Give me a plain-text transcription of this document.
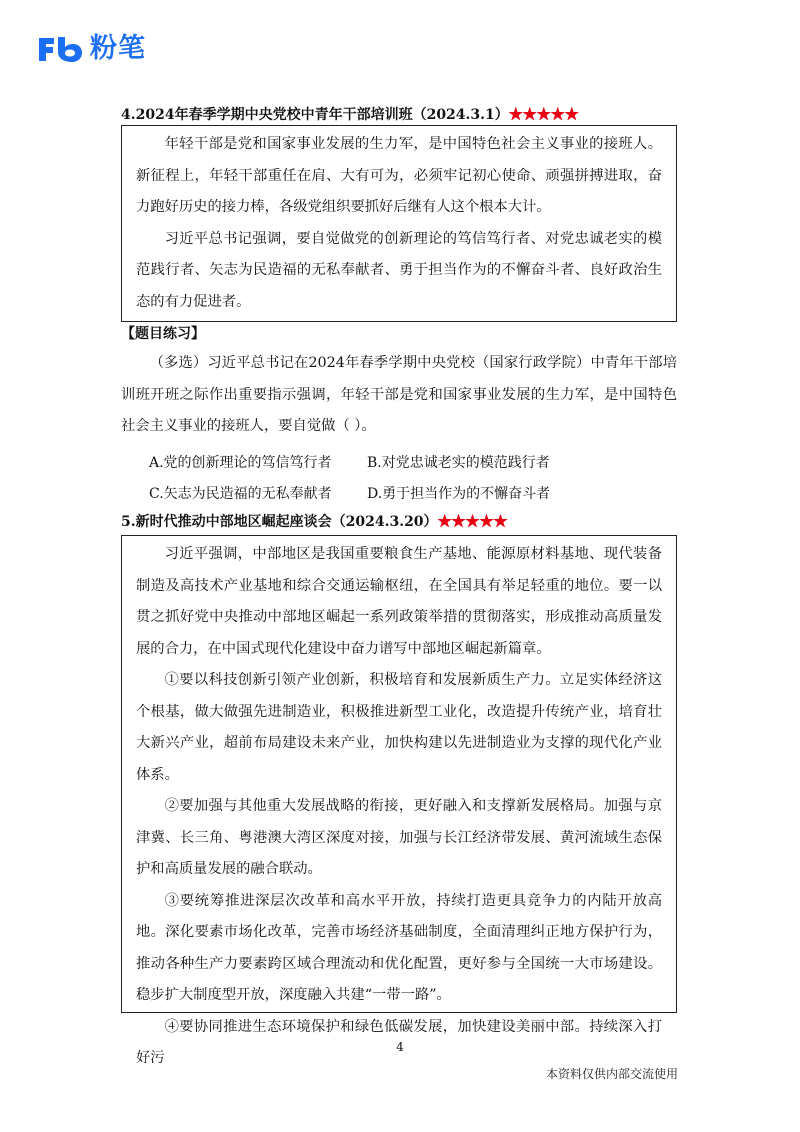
粉笔
4.2024年春季学期中央党校中青年干部培训班（2024.3.1）★★★★★

年轻干部是党和国家事业发展的生力军，是中国特色社会主义事业的接班人。新征程上，年轻干部重任在肩、大有可为，必须牢记初心使命、顽强拼搏进取，奋力跑好历史的接力棒，各级党组织要抓好后继有人这个根本大计。

习近平总书记强调，要自觉做党的创新理论的笃信笃行者、对党忠诚老实的模范践行者、矢志为民造福的无私奉献者、勇于担当作为的不懈奋斗者、良好政治生态的有力促进者。

【题目练习】

（多选）习近平总书记在2024年春季学期中央党校（国家行政学院）中青年干部培训班开班之际作出重要指示强调，年轻干部是党和国家事业发展的生力军，是中国特色社会主义事业的接班人，要自觉做（ ）。

A.党的创新理论的笃信笃行者	B.对党忠诚老实的模范践行者
C.矢志为民造福的无私奉献者	D.勇于担当作为的不懈奋斗者
5.新时代推动中部地区崛起座谈会（2024.3.20）★★★★★

习近平强调，中部地区是我国重要粮食生产基地、能源原材料基地、现代装备制造及高技术产业基地和综合交通运输枢纽，在全国具有举足轻重的地位。要一以贯之抓好党中央推动中部地区崛起一系列政策举措的贯彻落实，形成推动高质量发展的合力，在中国式现代化建设中奋力谱写中部地区崛起新篇章。

①要以科技创新引领产业创新，积极培育和发展新质生产力。立足实体经济这个根基，做大做强先进制造业，积极推进新型工业化，改造提升传统产业，培育壮大新兴产业，超前布局建设未来产业，加快构建以先进制造业为支撑的现代化产业体系。

②要加强与其他重大发展战略的衔接，更好融入和支撑新发展格局。加强与京津冀、长三角、粤港澳大湾区深度对接，加强与长江经济带发展、黄河流域生态保护和高质量发展的融合联动。

③要统筹推进深层次改革和高水平开放，持续打造更具竞争力的内陆开放高地。深化要素市场化改革，完善市场经济基础制度，全面清理纠正地方保护行为，推动各种生产力要素跨区域合理流动和优化配置，更好参与全国统一大市场建设。稳步扩大制度型开放，深度融入共建“一带一路”。

④要协同推进生态环境保护和绿色低碳发展，加快建设美丽中部。持续深入打好污

4
本资料仅供内部交流使用
